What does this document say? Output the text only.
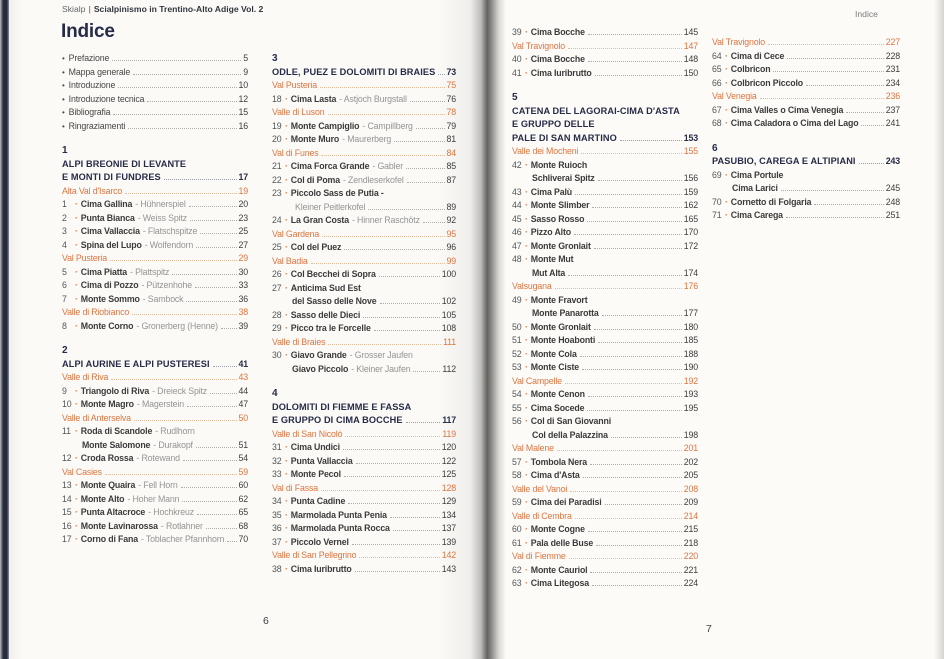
Skialp | Scialpinismo in Trentino-Alto Adige Vol. 2	Indice
Indice
• Prefazione	5
• Mappa generale	9
• Introduzione	10
• Introduzione tecnica	12
• Bibliografia	15
• Ringraziamenti	16
1
ALPI BREONIE DI LEVANTE
E MONTI DI FUNDRES	17
Alta Val d'Isarco	19
1 · Cima Gallina - Hühnerspiel	20
2 · Punta Bianca - Weiss Spitz	23
3 · Cima Vallaccia - Flatschspitze	25
4 · Spina del Lupo - Wolfendorn	27
Val Pusteria	29
5 · Cima Piatta - Plattspitz	30
6 · Cima di Pozzo - Pützenhohe	33
7 · Monte Sommo - Sambock	36
Valle di Riobianco	38
8 · Monte Corno - Gronerberg (Henne) 39
2
ALPI AURINE E ALPI PUSTERESI	41
Valle di Riva	43
9 · Triangolo di Riva - Dreieck Spitz	44
10 · Monte Magro - Magerstein	47
Valle di Anterselva	50
11 · Roda di Scandole - Rudlhorn
Monte Salomone - Durakopf	51
12 · Croda Rossa - Rotewand	54
Val Casies	59
13 · Monte Quaira - Fell Horn	60
14 · Monte Alto - Hoher Mann	62
15 · Punta Altacroce - Hochkreuz	65
16 · Monte Lavinarossa - Rotlahner	68
17 · Corno di Fana - Toblacher Pfannhorn 70
3
ODLE, PUEZ E DOLOMITI DI BRAIES 73
Val Pusteria	75
18 · Cima Lasta - Astjoch Burgstall	76
Valle di Luson	78
19 · Monte Campiglio - Campillberg	79
20 · Monte Muro - Maurerberg	81
Val di Funes	84
21 · Cima Forca Grande - Gabler	85
22 · Col di Poma - Zendleserkofel	87
23 · Piccolo Sass de Putia -
Kleiner Peitlerkofel	89
24 · La Gran Costa - Hinner Raschötz	92
Val Gardena	95
25 · Col del Puez	96
Val Badia	99
26 · Col Becchei di Sopra	100
27 · Anticima Sud Est
del Sasso delle Nove	102
28 · Sasso delle Dieci	105
29 · Picco tra le Forcelle	108
Valle di Braies	111
30 · Giavo Grande - Grosser Jaufen
Giavo Piccolo - Kleiner Jaufen	112
4
DOLOMITI DI FIEMME E FASSA
E GRUPPO DI CIMA BOCCHE	117
Valle di San Nicolò	119
31 · Cima Undici	120
32 · Punta Vallaccia	122
33 · Monte Pecol	125
Val di Fassa	128
34 · Punta Cadine	129
35 · Marmolada Punta Penia	134
36 · Marmolada Punta Rocca	137
37 · Piccolo Vernel	139
Valle di San Pellegrino	142
38 · Cima Iuribrutto	143
39 · Cima Bocche	145
Val Travignolo	147
40 · Cima Bocche	148
41 · Cima Iuribrutto	150
5
CATENA DEL LAGORAI-CIMA D'ASTA
E GRUPPO DELLE
PALE DI SAN MARTINO	153
Valle dei Mocheni	155
42 · Monte Ruioch
Schliverai Spitz	156
43 · Cima Palù	159
44 · Monte Slimber	162
45 · Sasso Rosso	165
46 · Pizzo Alto	170
47 · Monte Gronlait	172
48 · Monte Mut
Mut Alta	174
Valsugana	176
49 · Monte Fravort
Monte Panarotta	177
50 · Monte Gronlait	180
51 · Monte Hoabonti	185
52 · Monte Cola	188
53 · Monte Ciste	190
Val Campelle	192
54 · Monte Cenon	193
55 · Cima Socede	195
56 · Col di San Giovanni
Col della Palazzina	198
Val Malene	201
57 · Tombola Nera	202
58 · Cima d'Asta	205
Valle del Vanoi	208
59 · Cima dei Paradisi	209
Valle di Cembra	214
60 · Monte Cogne	215
61 · Pala delle Buse	218
Val di Fiemme	220
62 · Monte Cauriol	221
63 · Cima Litegosa	224
Val Travignolo	227
64 · Cima di Cece	228
65 · Colbricon	231
66 · Colbricon Piccolo	234
Val Venegia	236
67 · Cima Valles o Cima Venegia	237
68 · Cima Caladora o Cima del Lago	241
6
PASUBIO, CAREGA E ALTIPIANI	243
69 · Cima Portule
Cima Larici	245
70 · Cornetto di Folgaria	248
71 · Cima Carega	251
6
7
